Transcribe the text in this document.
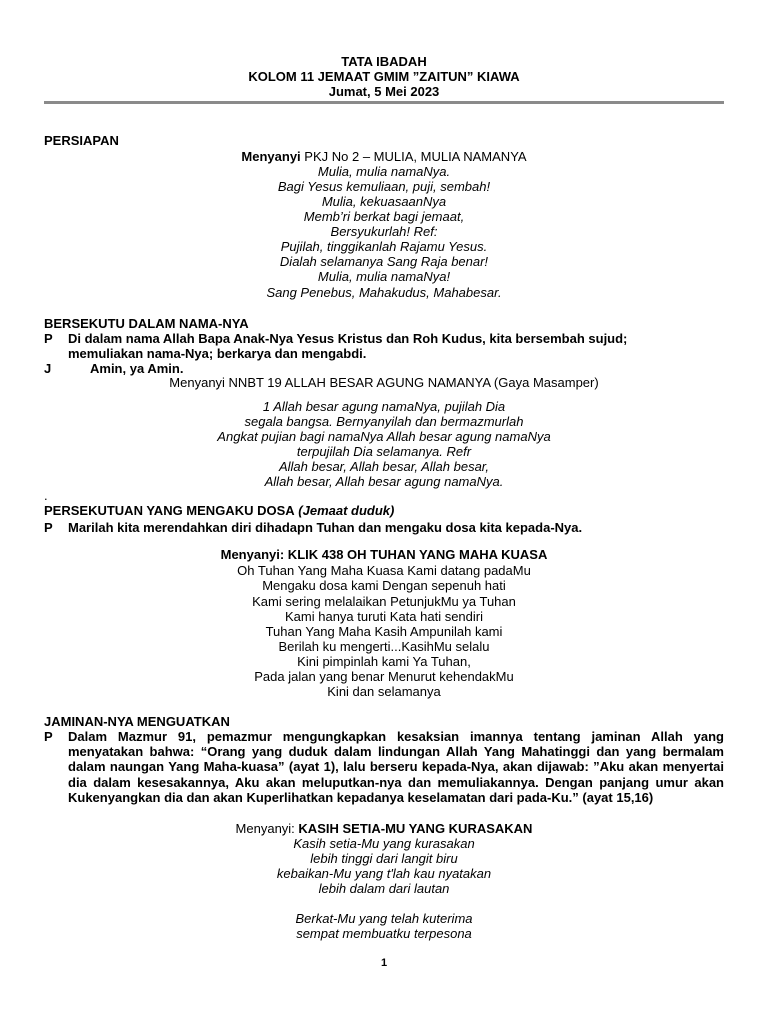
TATA IBADAH
KOLOM 11 JEMAAT GMIM ”ZAITUN” KIAWA
Jumat, 5 Mei 2023
PERSIAPAN
Menyanyi PKJ No 2 – MULIA, MULIA NAMANYA
Mulia, mulia namaNya.
Bagi Yesus kemuliaan, puji, sembah!
Mulia, kekuasaanNya
Memb’ri berkat bagi jemaat,
Bersyukurlah! Ref:
Pujilah, tinggikanlah Rajamu Yesus.
Dialah selamanya Sang Raja benar!
Mulia, mulia namaNya!
Sang Penebus, Mahakudus, Mahabesar.
BERSEKUTU DALAM NAMA-NYA
P Di dalam nama Allah Bapa Anak-Nya Yesus Kristus dan Roh Kudus, kita bersembah sujud;
memuliakan nama-Nya; berkarya dan mengabdi.
J	Amin, ya Amin.
Menyanyi NNBT 19 ALLAH BESAR AGUNG NAMANYA (Gaya Masamper)
1 Allah besar agung namaNya, pujilah Dia
segala bangsa. Bernyanyilah dan bermazmurlah
Angkat pujian bagi namaNya Allah besar agung namaNya
terpujilah Dia selamanya. Refr
Allah besar, Allah besar, Allah besar,
Allah besar, Allah besar agung namaNya.
.
PERSEKUTUAN YANG MENGAKU DOSA (Jemaat duduk)
P Marilah kita merendahkan diri dihadapn Tuhan dan mengaku dosa kita kepada-Nya.
Menyanyi: KLIK 438 OH TUHAN YANG MAHA KUASA
Oh Tuhan Yang Maha Kuasa Kami datang padaMu
Mengaku dosa kami Dengan sepenuh hati
Kami sering melalaikan PetunjukMu ya Tuhan
Kami hanya turuti Kata hati sendiri
Tuhan Yang Maha Kasih Ampunilah kami
Berilah ku mengerti...KasihMu selalu
Kini pimpinlah kami Ya Tuhan,
Pada jalan yang benar Menurut kehendakMu
Kini dan selamanya
JAMINAN-NYA MENGUATKAN
P Dalam Mazmur 91, pemazmur mengungkapkan kesaksian imannya tentang jaminan Allah yang menyatakan bahwa: “Orang yang duduk dalam lindungan Allah Yang Mahatinggi dan yang bermalam dalam naungan Yang Maha-kuasa” (ayat 1), lalu berseru kepada-Nya, akan dijawab: ”Aku akan menyertai dia dalam kesesakannya, Aku akan meluputkan-nya dan memuliakannya. Dengan panjang umur akan Kukenyangkan dia dan akan Kuperlihatkan kepadanya keselamatan dari pada-Ku.” (ayat 15,16)
Menyanyi: KASIH SETIA-MU YANG KURASAKAN
Kasih setia-Mu yang kurasakan
lebih tinggi dari langit biru
kebaikan-Mu yang t'lah kau nyatakan
lebih dalam dari lautan
Berkat-Mu yang telah kuterima
sempat membuatku terpesona
1
